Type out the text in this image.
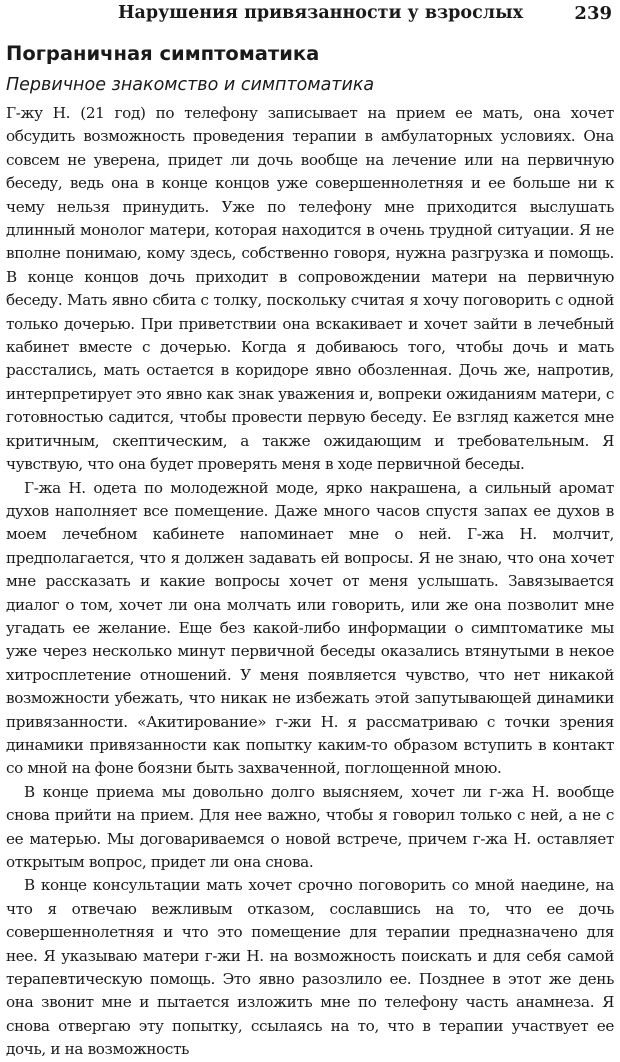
Нарушения привязанности у взрослых	239
Пограничная симптоматика
Первичное знакомство и симптоматика

Г-жу Н. (21 год) по телефону записывает на прием ее мать, она хочет обсудить возможность проведения терапии в амбулаторных условиях. Она совсем не уверена, придет ли дочь вообще на лечение или на первичную беседу, ведь она в конце концов уже совершеннолетняя и ее больше ни к чему нельзя принудить. Уже по телефону мне приходится выслушать длинный монолог матери, которая находится в очень трудной ситуации. Я не вполне понимаю, кому здесь, собственно говоря, нужна разгрузка и помощь. В конце концов дочь приходит в сопровождении матери на первичную беседу. Мать явно сбита с толку, поскольку считая я хочу поговорить с одной только дочерью. При приветствии она вскакивает и хочет зайти в лечебный кабинет вместе с дочерью. Когда я добиваюсь того, чтобы дочь и мать расстались, мать остается в коридоре явно обозленная. Дочь же, напротив, интерпретирует это явно как знак уважения и, вопреки ожиданиям матери, с готовностью садится, чтобы провести первую беседу. Ее взгляд кажется мне критичным, скептическим, а также ожидающим и требовательным. Я чувствую, что она будет проверять меня в ходе первичной беседы.

Г-жа Н. одета по молодежной моде, ярко накрашена, а сильный аромат духов наполняет все помещение. Даже много часов спустя запах ее духов в моем лечебном кабинете напоминает мне о ней. Г-жа Н. молчит, предполагается, что я должен задавать ей вопросы. Я не знаю, что она хочет мне рассказать и какие вопросы хочет от меня услышать. Завязывается диалог о том, хочет ли она молчать или говорить, или же она позволит мне угадать ее желание. Еще без какой-либо информации о симптоматике мы уже через несколько минут первичной беседы оказались втянутыми в некое хитросплетение отношений. У меня появляется чувство, что нет никакой возможности убежать, что никак не избежать этой запутывающей динамики привязанности. «Акитирование» г-жи Н. я рассматриваю с точки зрения динамики привязанности как попытку каким-то образом вступить в контакт со мной на фоне боязни быть захваченной, поглощенной мною.

В конце приема мы довольно долго выясняем, хочет ли г-жа Н. вообще снова прийти на прием. Для нее важно, чтобы я говорил только с ней, а не с ее матерью. Мы договариваемся о новой встрече, причем г-жа Н. оставляет открытым вопрос, придет ли она снова.

В конце консультации мать хочет срочно поговорить со мной наедине, на что я отвечаю вежливым отказом, сославшись на то, что ее дочь совершеннолетняя и что это помещение для терапии предназначено для нее. Я указываю матери г-жи Н. на возможность поискать и для себя самой терапевтическую помощь. Это явно разозлило ее. Позднее в этот же день она звонит мне и пытается изложить мне по телефону часть анамнеза. Я снова отвергаю эту попытку, ссылаясь на то, что в терапии участвует ее дочь, и на возможность
